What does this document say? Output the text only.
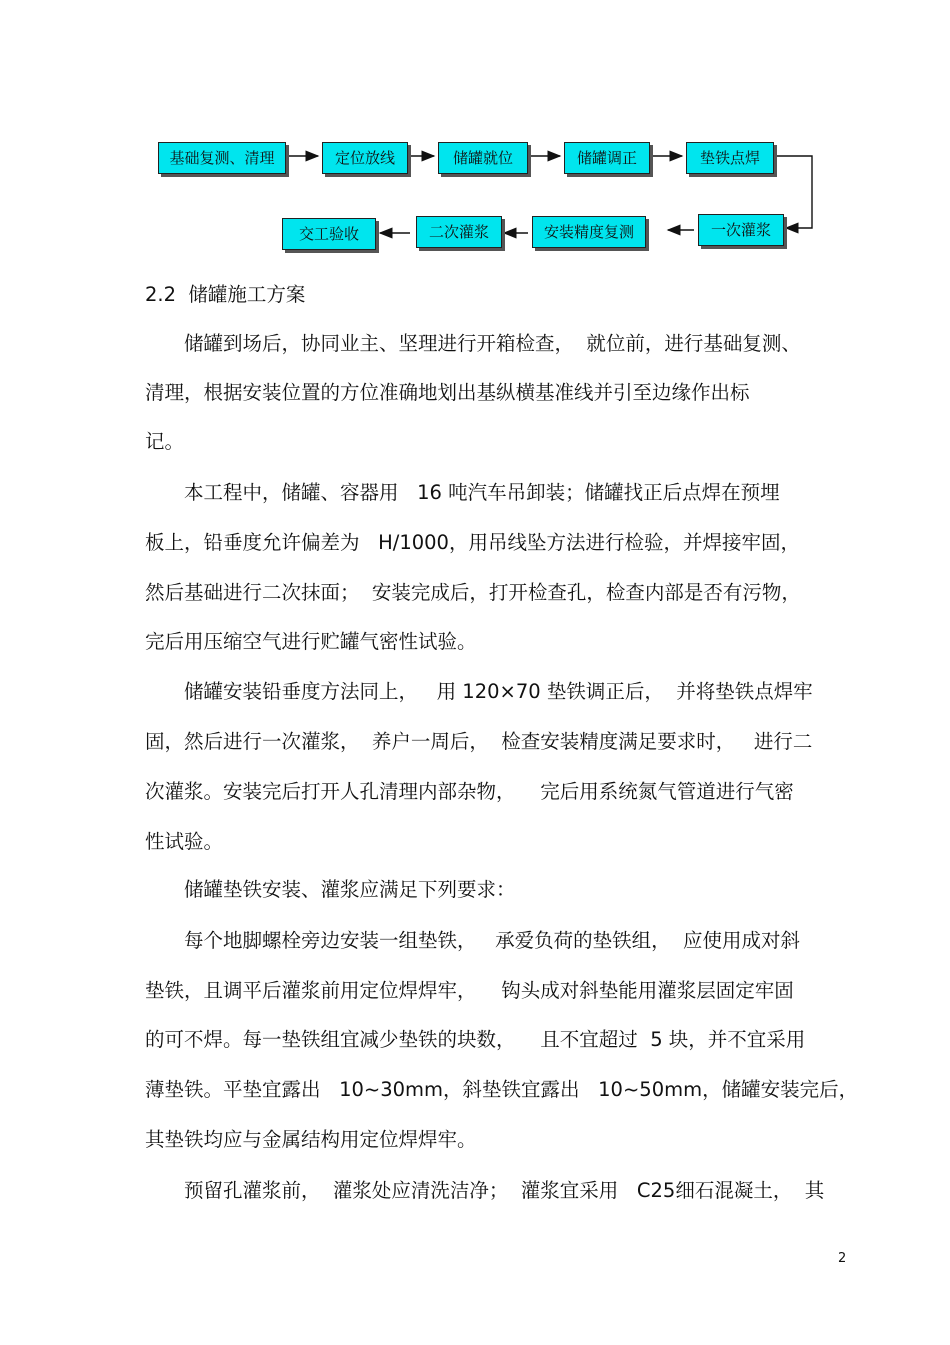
基础复测、清理	定位放线	储罐就位	储罐调正	垫铁点焊
交工验收	二次灌浆	安装精度复测	一次灌浆
2.2  储罐施工方案
　　储罐到场后，协同业主、坚理进行开箱检查，  就位前，进行基础复测、
清理，根据安装位置的方位准确地划出基纵横基准线并引至边缘作出标
记。
　　本工程中，储罐、容器用   16 吨汽车吊卸装；储罐找正后点焊在预埋
板上，铅垂度允许偏差为   H/1000，用吊线坠方法进行检验，并焊接牢固，
然后基础进行二次抹面；  安装完成后，打开检查孔，检查内部是否有污物，
完后用压缩空气进行贮罐气密性试验。
　　储罐安装铅垂度方法同上，   用 120×70 垫铁调正后，  并将垫铁点焊牢
固，然后进行一次灌浆，  养户一周后，  检查安装精度满足要求时，   进行二
次灌浆。安装完后打开人孔清理内部杂物，    完后用系统氮气管道进行气密
性试验。
　　储罐垫铁安装、灌浆应满足下列要求：
　　每个地脚螺栓旁边安装一组垫铁，   承爱负荷的垫铁组，  应使用成对斜
垫铁，且调平后灌浆前用定位焊焊牢，    钩头成对斜垫能用灌浆层固定牢固
的可不焊。每一垫铁组宜减少垫铁的块数，    且不宜超过  5 块，并不宜采用
薄垫铁。平垫宜露出   10~30mm，斜垫铁宜露出   10~50mm，储罐安装完后，
其垫铁均应与金属结构用定位焊焊牢。
　　预留孔灌浆前，  灌浆处应清洗洁净；  灌浆宜采用   C25细石混凝土，  其
2
